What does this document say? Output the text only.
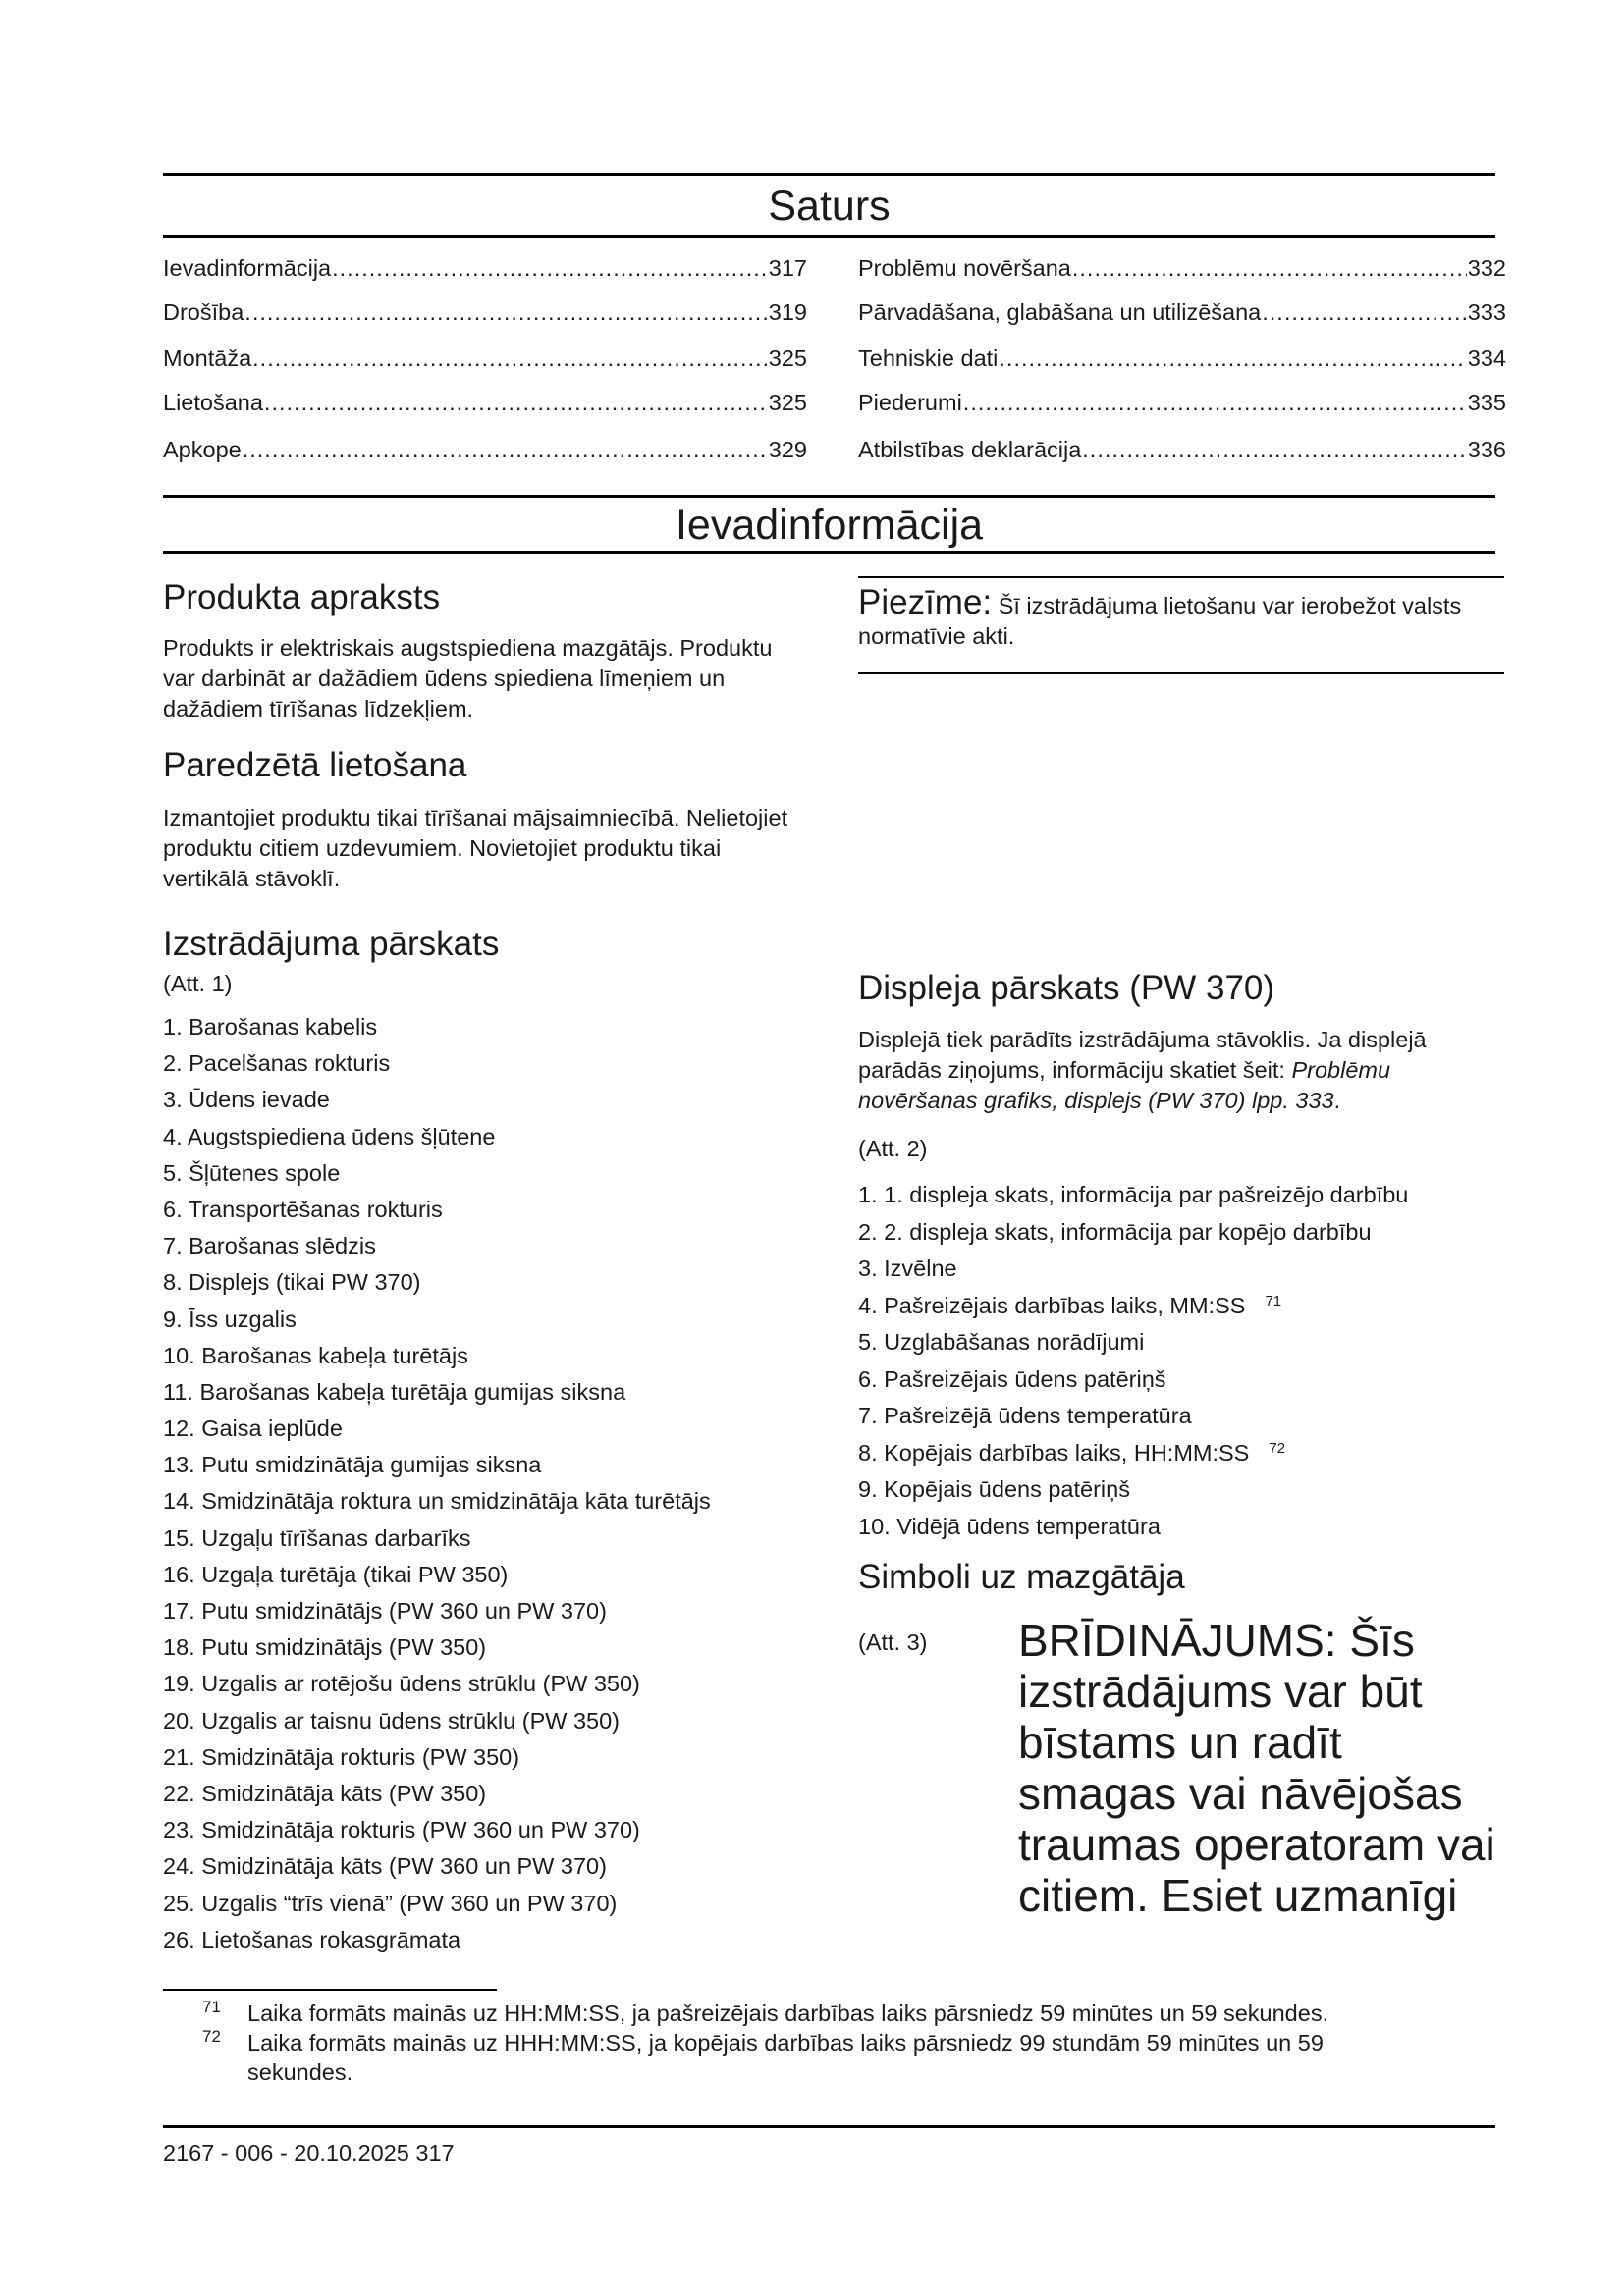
Saturs
Ievadinformācija .....	317
Drošība .....	319
Montāža .....	325
Lietošana .....	325
Apkope .....	329
Problēmu novēršana .....	332
Pārvadāšana, glabāšana un utilizēšana .....	333
Tehniskie dati .....	334
Piederumi .....	335
Atbilstības deklarācija .....	336
Ievadinformācija
Produkta apraksts
Produkts ir elektriskais augstspiediena mazgātājs. Produktu var darbināt ar dažādiem ūdens spiediena līmeņiem un dažādiem tīrīšanas līdzekļiem.
Paredzētā lietošana
Izmantojiet produktu tikai tīrīšanai mājsaimniecībā. Nelietojiet produktu citiem uzdevumiem. Novietojiet produktu tikai vertikālā stāvoklī.
Izstrādājuma pārskats
(Att. 1)
1. Barošanas kabelis
2. Pacelšanas rokturis
3. Ūdens ievade
4. Augstspiediena ūdens šļūtene
5. Šļūtenes spole
6. Transportēšanas rokturis
7. Barošanas slēdzis
8. Displejs (tikai PW 370)
9. Īss uzgalis
10. Barošanas kabeļa turētājs
11. Barošanas kabeļa turētāja gumijas siksna
12. Gaisa ieplūde
13. Putu smidzinātāja gumijas siksna
14. Smidzinātāja roktura un smidzinātāja kāta turētājs
15. Uzgaļu tīrīšanas darbarīks
16. Uzgaļa turētāja (tikai PW 350)
17. Putu smidzinātājs (PW 360 un PW 370)
18. Putu smidzinātājs (PW 350)
19. Uzgalis ar rotējošu ūdens strūklu (PW 350)
20. Uzgalis ar taisnu ūdens strūklu (PW 350)
21. Smidzinātāja rokturis (PW 350)
22. Smidzinātāja kāts (PW 350)
23. Smidzinātāja rokturis (PW 360 un PW 370)
24. Smidzinātāja kāts (PW 360 un PW 370)
25. Uzgalis “trīs vienā” (PW 360 un PW 370)
26. Lietošanas rokasgrāmata
Piezīme: Šī izstrādājuma lietošanu var ierobežot valsts normatīvie akti.
Displeja pārskats (PW 370)
Displejā tiek parādīts izstrādājuma stāvoklis. Ja displejā parādās ziņojums, informāciju skatiet šeit: Problēmu novēršanas grafiks, displejs (PW 370) lpp. 333.
(Att. 2)
1. 1. displeja skats, informācija par pašreizējo darbību
2. 2. displeja skats, informācija par kopējo darbību
3. Izvēlne
4. Pašreizējais darbības laiks, MM:SS $^{71}$
5. Uzglabāšanas norādījumi
6. Pašreizējais ūdens patēriņš
7. Pašreizējā ūdens temperatūra
8. Kopējais darbības laiks, HH:MM:SS $^{72}$
9. Kopējais ūdens patēriņš
10. Vidējā ūdens temperatūra
Simboli uz mazgātāja
(Att. 3) BRĪDINĀJUMS: Šīs izstrādājums var būt bīstams un radīt smagas vai nāvējošas traumas operatoram vai citiem. Esiet uzmanīgi
71 Laika formāts mainās uz HH:MM:SS, ja pašreizējais darbības laiks pārsniedz 59 minūtes un 59 sekundes.
72 Laika formāts mainās uz HHH:MM:SS, ja kopējais darbības laiks pārsniedz 99 stundām 59 minūtes un 59 sekundes.
2167 - 006 - 20.10.2025 317
